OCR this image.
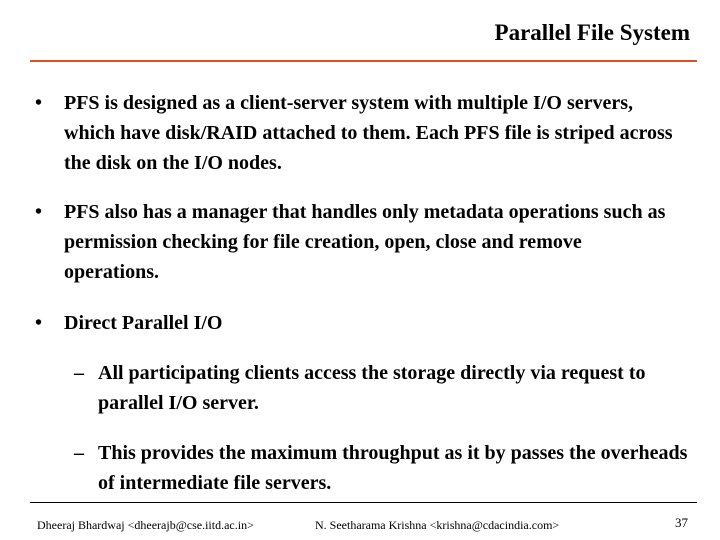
Parallel File System
• PFS is designed as a client-server system with multiple I/O servers, which have disk/RAID attached to them. Each PFS file is striped across the disk on the I/O nodes.
• PFS also has a manager that handles only metadata operations such as permission checking for file creation, open, close and remove operations.
• Direct Parallel I/O
– All participating clients access the storage directly via request to parallel I/O server.
– This provides the maximum throughput as it by passes the overheads of intermediate file servers.
Dheeraj Bhardwaj <dheerajb@cse.iitd.ac.in>	N. Seetharama Krishna <krishna@cdacindia.com>	37
